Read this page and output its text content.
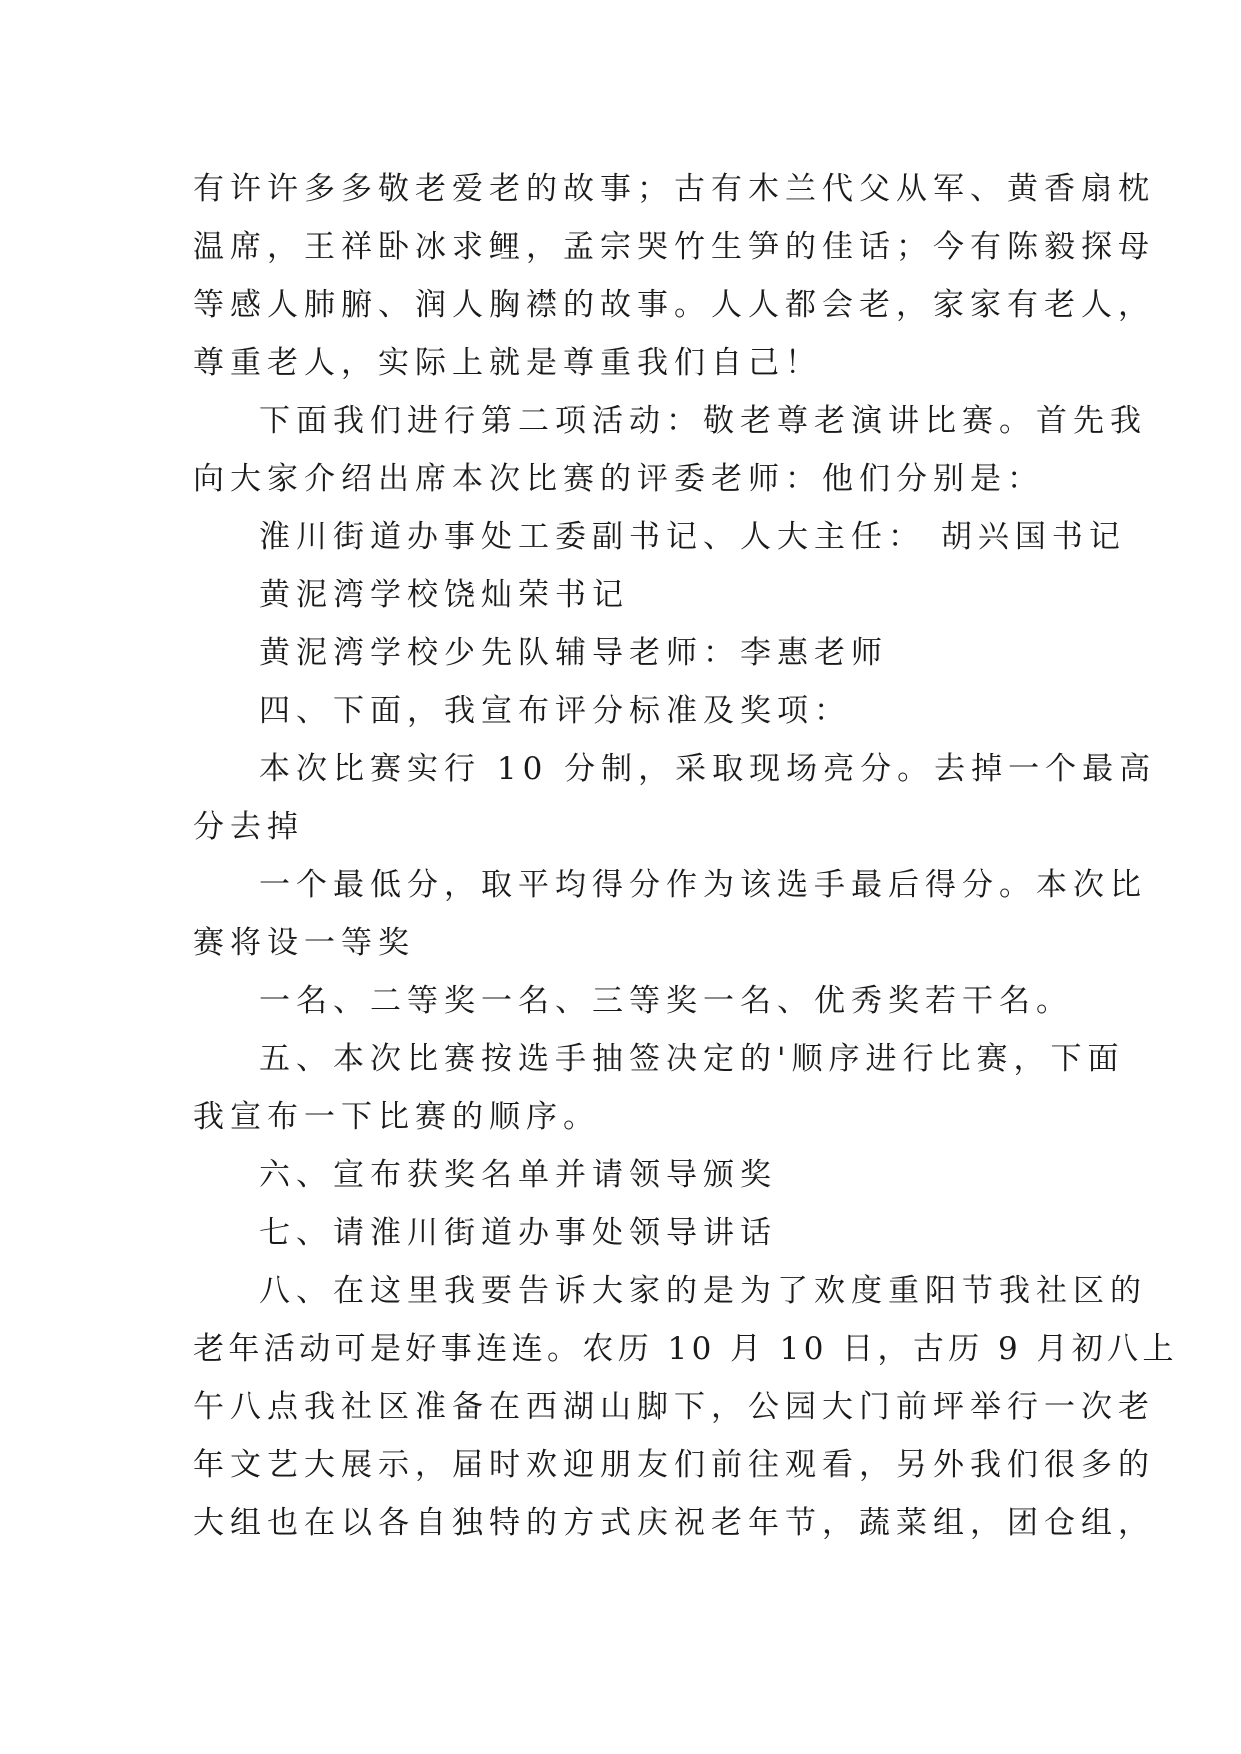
有许许多多敬老爱老的故事；古有木兰代父从军、黄香扇枕
温席，王祥卧冰求鲤，孟宗哭竹生笋的佳话；今有陈毅探母
等感人肺腑、润人胸襟的故事。人人都会老，家家有老人，
尊重老人，实际上就是尊重我们自己！
下面我们进行第二项活动：敬老尊老演讲比赛。首先我
向大家介绍出席本次比赛的评委老师：他们分别是：
淮川街道办事处工委副书记、人大主任： 胡兴国书记
黄泥湾学校饶灿荣书记
黄泥湾学校少先队辅导老师：李惠老师
四、下面，我宣布评分标准及奖项：
本次比赛实行 10 分制，采取现场亮分。去掉一个最高
分去掉
一个最低分，取平均得分作为该选手最后得分。本次比
赛将设一等奖
一名、二等奖一名、三等奖一名、优秀奖若干名。
五、本次比赛按选手抽签决定的'顺序进行比赛，下面
我宣布一下比赛的顺序。
六、宣布获奖名单并请领导颁奖
七、请淮川街道办事处领导讲话
八、在这里我要告诉大家的是为了欢度重阳节我社区的
老年活动可是好事连连。农历 10 月 10 日，古历 9 月初八上
午八点我社区准备在西湖山脚下，公园大门前坪举行一次老
年文艺大展示，届时欢迎朋友们前往观看，另外我们很多的
大组也在以各自独特的方式庆祝老年节，蔬菜组，团仓组，
